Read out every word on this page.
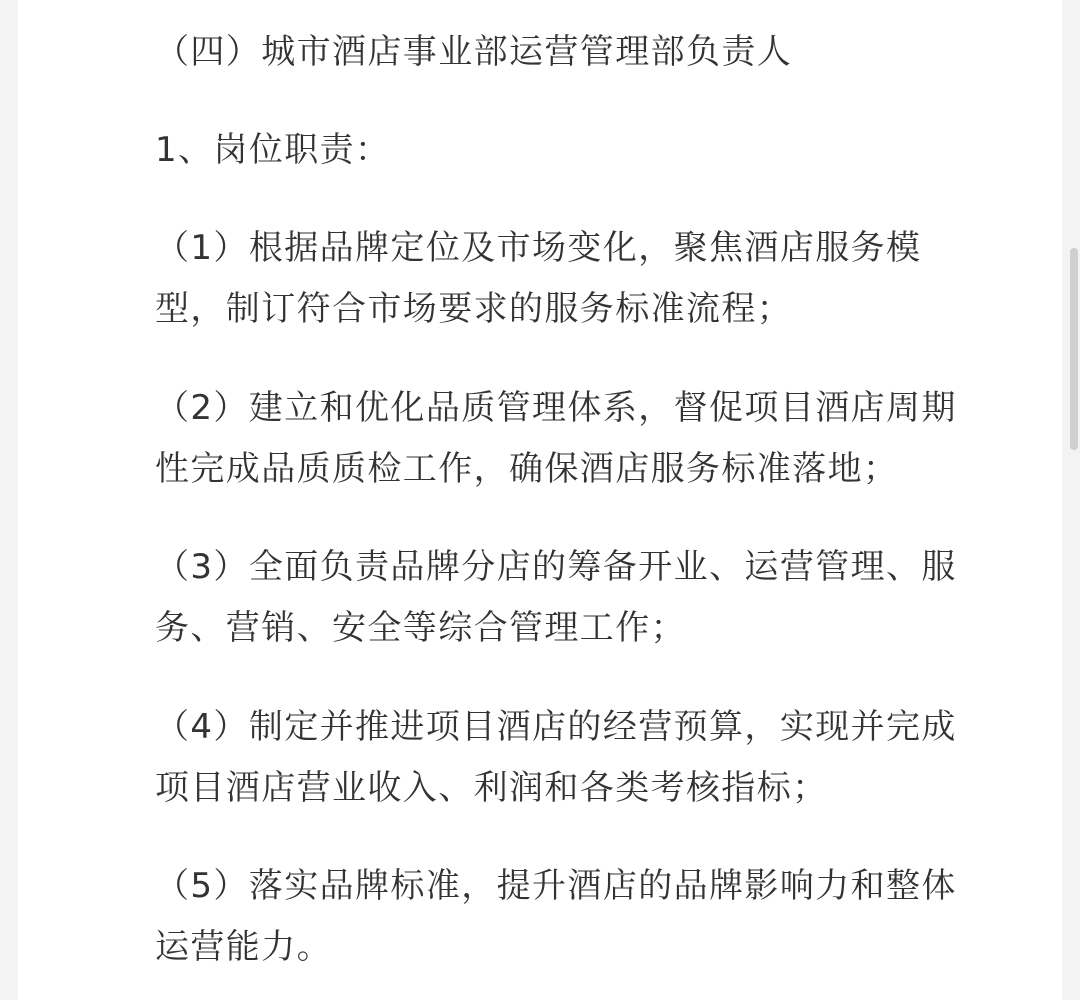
（四）城市酒店事业部运营管理部负责人
1、岗位职责：

（1）根据品牌定位及市场变化，聚焦酒店服务模型，制订符合市场要求的服务标准流程；

（2）建立和优化品质管理体系，督促项目酒店周期性完成品质质检工作，确保酒店服务标准落地；

（3）全面负责品牌分店的筹备开业、运营管理、服务、营销、安全等综合管理工作；

（4）制定并推进项目酒店的经营预算，实现并完成项目酒店营业收入、利润和各类考核指标；

（5）落实品牌标准，提升酒店的品牌影响力和整体运营能力。
